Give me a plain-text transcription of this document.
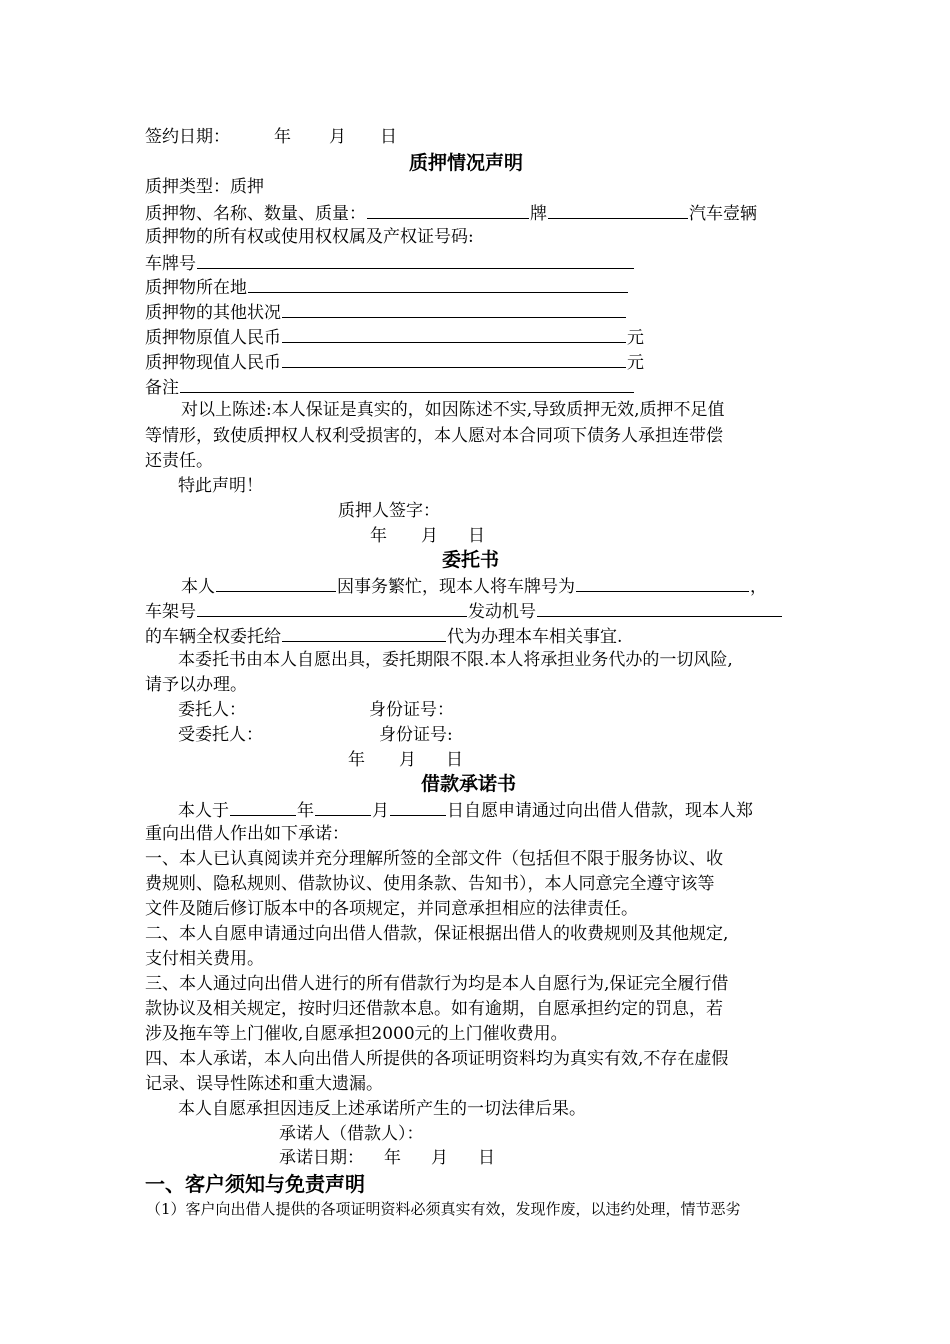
签约日期：	年 月 日
质押情况声明
质押类型：质押
质押物、名称、数量、质量：	牌	汽车壹辆
质押物的所有权或使用权权属及产权证号码:
车牌号
质押物所在地
质押物的其他状况
质押物原值人民币	元
质押物现值人民币	元
备注
对以上陈述:本人保证是真实的，如因陈述不实,导致质押无效,质押不足值
等情形，致使质押权人权利受损害的，本人愿对本合同项下债务人承担连带偿
还责任。
特此声明！
质押人签字：
年 月 日
委托书
本人	因事务繁忙，现本人将车牌号为	，
车架号	发动机号
的车辆全权委托给	代为办理本车相关事宜.
本委托书由本人自愿出具，委托期限不限.本人将承担业务代办的一切风险,
请予以办理。
委托人：	身份证号：
受委托人：	身份证号:
年 月 日
借款承诺书
本人于	年	月	日自愿申请通过向出借人借款，现本人郑
重向出借人作出如下承诺：
一、本人已认真阅读并充分理解所签的全部文件（包括但不限于服务协议、收
费规则、隐私规则、借款协议、使用条款、告知书），本人同意完全遵守该等
文件及随后修订版本中的各项规定，并同意承担相应的法律责任。
二、本人自愿申请通过向出借人借款，保证根据出借人的收费规则及其他规定,
支付相关费用。
三、本人通过向出借人进行的所有借款行为均是本人自愿行为,保证完全履行借
款协议及相关规定，按时归还借款本息。如有逾期，自愿承担约定的罚息，若
涉及拖车等上门催收,自愿承担2000元的上门催收费用。
四、本人承诺，本人向出借人所提供的各项证明资料均为真实有效,不存在虚假
记录、误导性陈述和重大遗漏。
本人自愿承担因违反上述承诺所产生的一切法律后果。
承诺人（借款人）：
承诺日期： 年 月 日
一、客户须知与免责声明
（1）客户向出借人提供的各项证明资料必须真实有效，发现作废，以违约处理，情节恶劣
